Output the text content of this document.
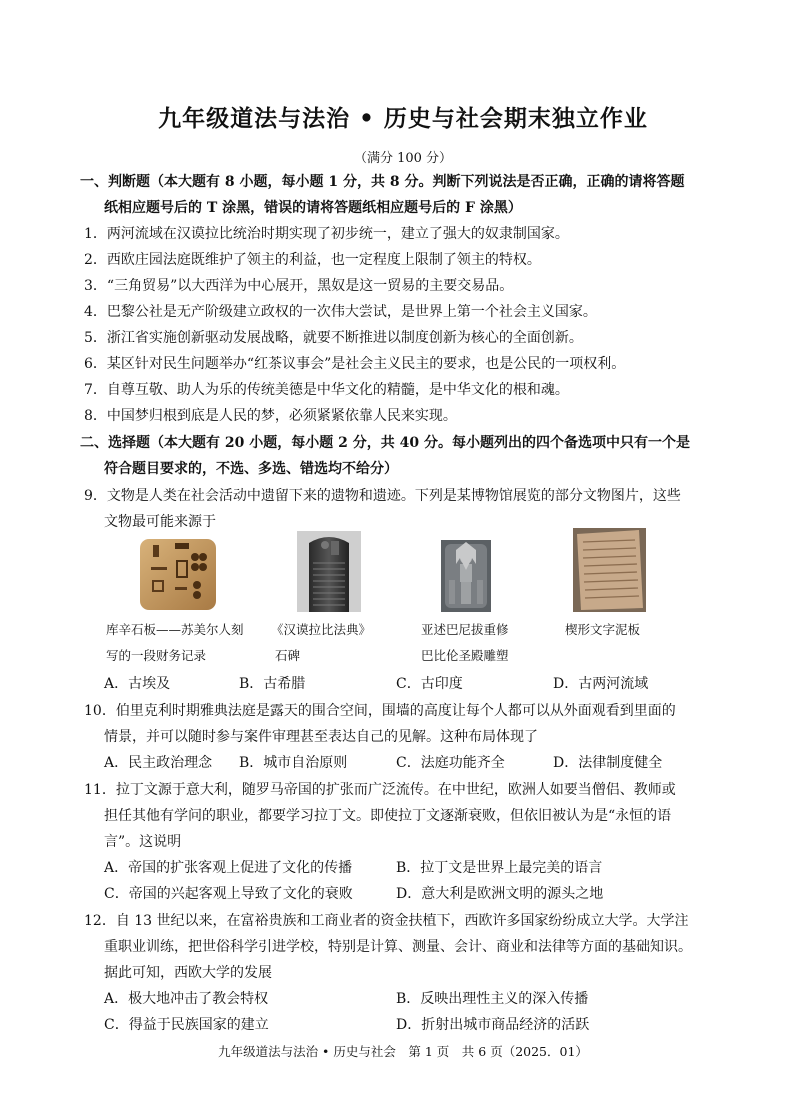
九年级道法与法治 • 历史与社会期末独立作业
（满分 100 分）
一、判断题（本大题有 8 小题，每小题 1 分，共 8 分。判断下列说法是否正确，正确的请将答题
纸相应题号后的 T 涂黑，错误的请将答题纸相应题号后的 F 涂黑）
1．两河流域在汉谟拉比统治时期实现了初步统一，建立了强大的奴隶制国家。
2．西欧庄园法庭既维护了领主的利益，也一定程度上限制了领主的特权。
3．“三角贸易”以大西洋为中心展开，黑奴是这一贸易的主要交易品。
4．巴黎公社是无产阶级建立政权的一次伟大尝试，是世界上第一个社会主义国家。
5．浙江省实施创新驱动发展战略，就要不断推进以制度创新为核心的全面创新。
6．某区针对民生问题举办“红茶议事会”是社会主义民主的要求，也是公民的一项权利。
7．自尊互敬、助人为乐的传统美德是中华文化的精髓，是中华文化的根和魂。
8．中国梦归根到底是人民的梦，必须紧紧依靠人民来实现。
二、选择题（本大题有 20 小题，每小题 2 分，共 40 分。每小题列出的四个备选项中只有一个是
符合题目要求的，不选、多选、错选均不给分）
9．文物是人类在社会活动中遗留下来的遗物和遗迹。下列是某博物馆展览的部分文物图片，这些
文物最可能来源于
库辛石板——苏美尔人刻
写的一段财务记录
《汉谟拉比法典》
石碑
亚述巴尼拔重修
巴比伦圣殿雕塑
楔形文字泥板
A．古埃及	B．古希腊	C．古印度	D．古两河流域
10．伯里克利时期雅典法庭是露天的围合空间，围墙的高度让每个人都可以从外面观看到里面的
情景，并可以随时参与案件审理甚至表达自己的见解。这种布局体现了
A．民主政治理念 B．城市自治原则	C．法庭功能齐全	D．法律制度健全
11．拉丁文源于意大利，随罗马帝国的扩张而广泛流传。在中世纪，欧洲人如要当僧侣、教师或
担任其他有学问的职业，都要学习拉丁文。即使拉丁文逐渐衰败，但依旧被认为是“永恒的语
言”。这说明
A．帝国的扩张客观上促进了文化的传播	B．拉丁文是世界上最完美的语言
C．帝国的兴起客观上导致了文化的衰败	D．意大利是欧洲文明的源头之地
12．自 13 世纪以来，在富裕贵族和工商业者的资金扶植下，西欧许多国家纷纷成立大学。大学注
重职业训练，把世俗科学引进学校，特别是计算、测量、会计、商业和法律等方面的基础知识。
据此可知，西欧大学的发展
A．极大地冲击了教会特权	B．反映出理性主义的深入传播
C．得益于民族国家的建立	D．折射出城市商品经济的活跃
九年级道法与法治 • 历史与社会　第 1 页　共 6 页（2025．01）
